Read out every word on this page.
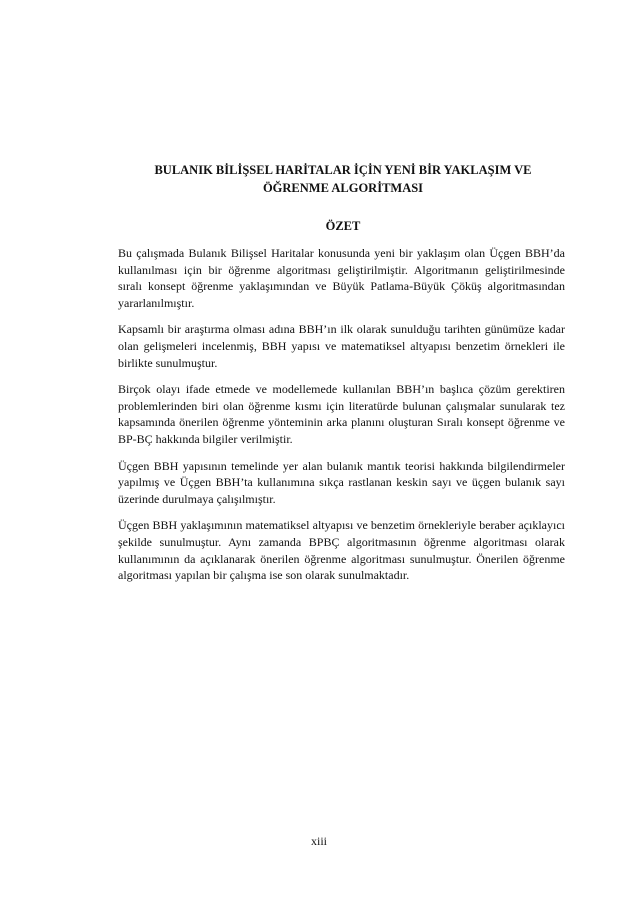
BULANIK BİLİŞSEL HARİTALAR İÇİN YENİ BİR YAKLAŞIM VE
ÖĞRENME ALGORİTMASI
ÖZET

Bu çalışmada Bulanık Bilişsel Haritalar konusunda yeni bir yaklaşım olan Üçgen BBH’da kullanılması için bir öğrenme algoritması geliştirilmiştir. Algoritmanın geliştirilmesinde sıralı konsept öğrenme yaklaşımından ve Büyük Patlama-Büyük Çöküş algoritmasından yararlanılmıştır.

Kapsamlı bir araştırma olması adına BBH’ın ilk olarak sunulduğu tarihten günümüze kadar olan gelişmeleri incelenmiş, BBH yapısı ve matematiksel altyapısı benzetim örnekleri ile birlikte sunulmuştur.

Birçok olayı ifade etmede ve modellemede kullanılan BBH’ın başlıca çözüm gerektiren problemlerinden biri olan öğrenme kısmı için literatürde bulunan çalışmalar sunularak tez kapsamında önerilen öğrenme yönteminin arka planını oluşturan Sıralı konsept öğrenme ve BP-BÇ hakkında bilgiler verilmiştir.

Üçgen BBH yapısının temelinde yer alan bulanık mantık teorisi hakkında bilgilendirmeler yapılmış ve Üçgen BBH’ta kullanımına sıkça rastlanan keskin sayı ve üçgen bulanık sayı üzerinde durulmaya çalışılmıştır.

Üçgen BBH yaklaşımının matematiksel altyapısı ve benzetim örnekleriyle beraber açıklayıcı şekilde sunulmuştur. Aynı zamanda BPBÇ algoritmasının öğrenme algoritması olarak kullanımının da açıklanarak önerilen öğrenme algoritması sunulmuştur. Önerilen öğrenme algoritması yapılan bir çalışma ise son olarak sunulmaktadır.

xiii
